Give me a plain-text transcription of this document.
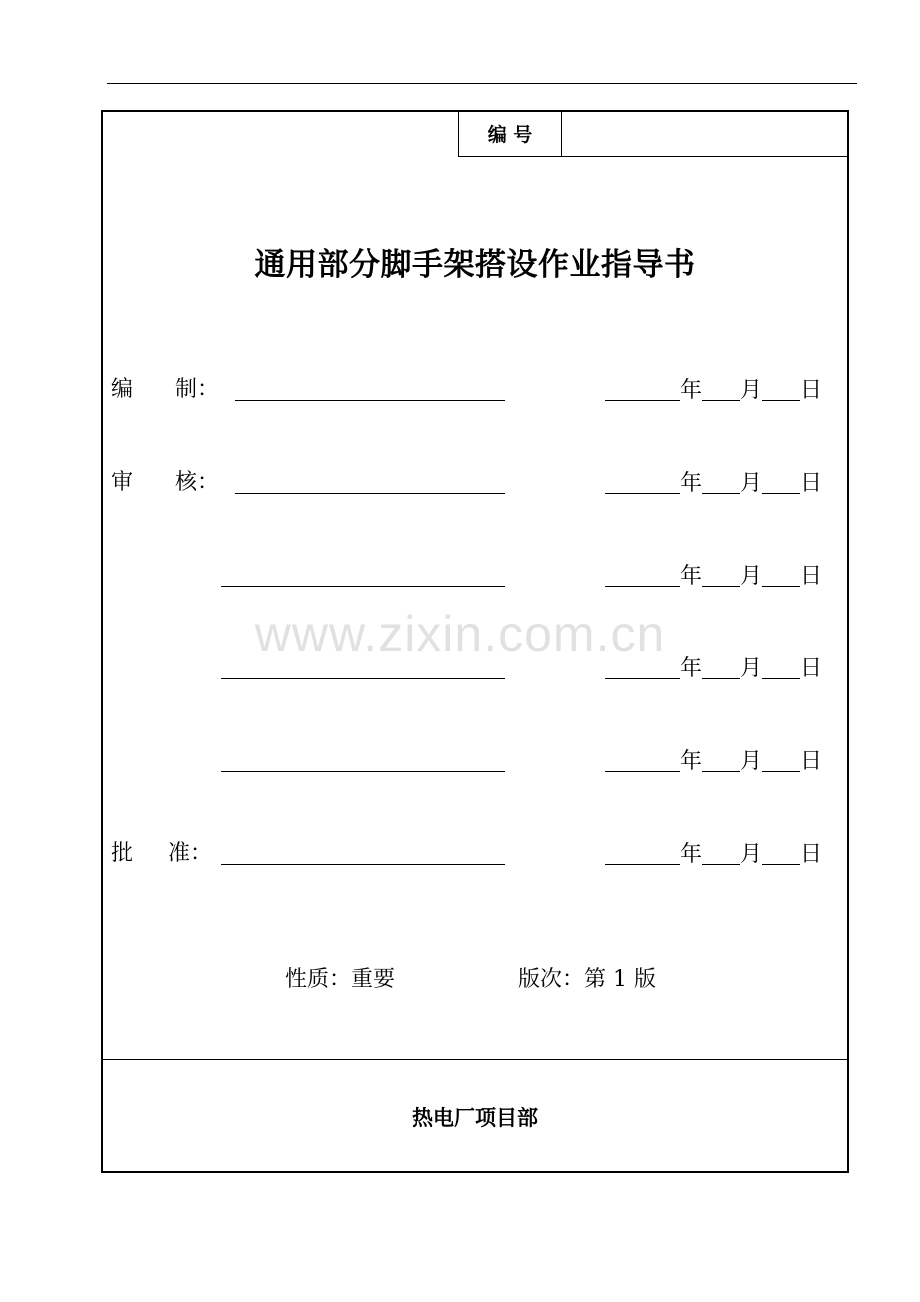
编 号
通用部分脚手架搭设作业指导书
编      制：	年 月 日
审      核：	年 月 日
年 月 日
年 月 日
年 月 日
批     准：	年 月 日
性质：重要	版次：第 1 版
热电厂项目部
www.zixin.com.cn
